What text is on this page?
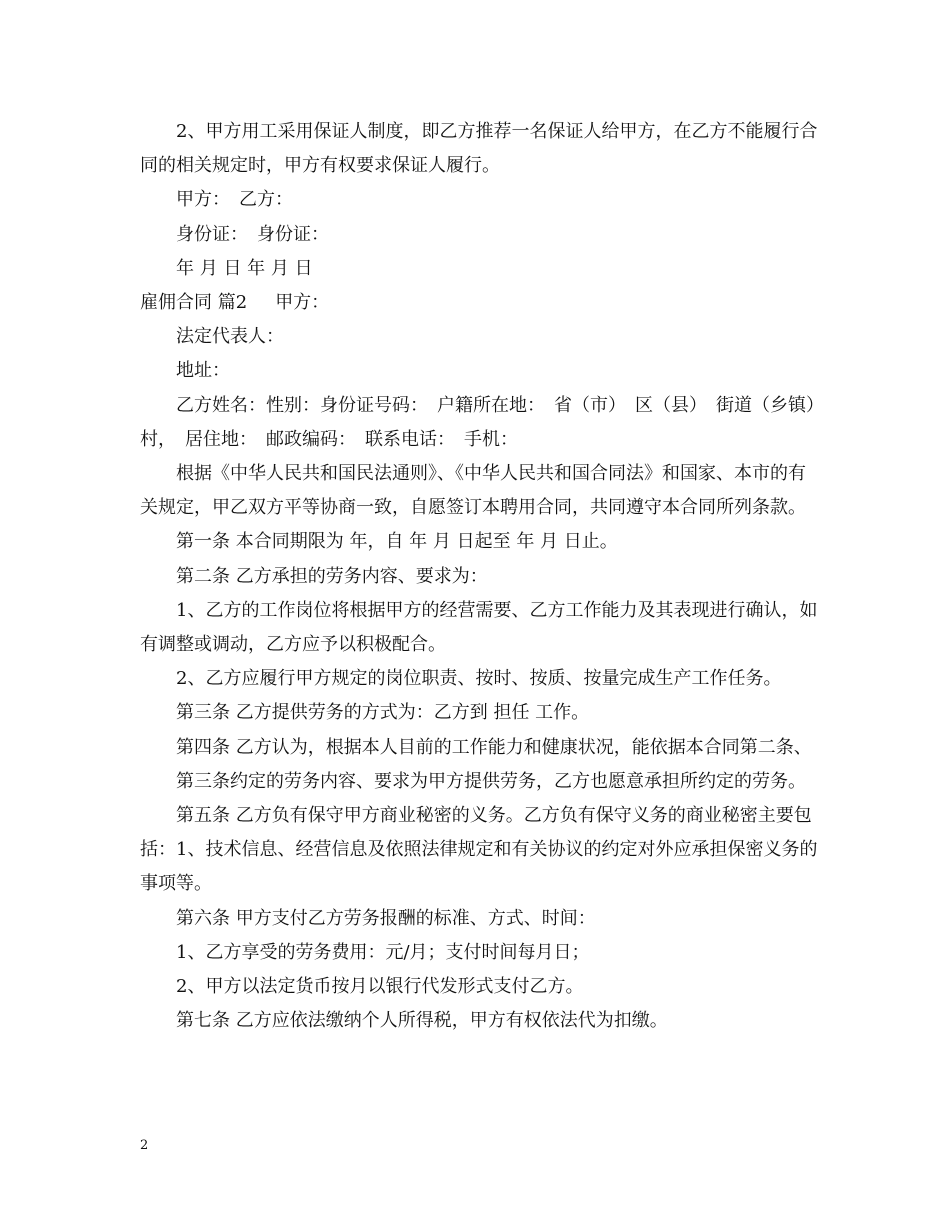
2、甲方用工采用保证人制度，即乙方推荐一名保证人给甲方，在乙方不能履行合同的相关规定时，甲方有权要求保证人履行。

甲方：　乙方：

身份证：　身份证：

年 月 日 年 月 日

雇佣合同 篇2 甲方：

法定代表人：

地址：

乙方姓名：性别：身份证号码：　户籍所在地：　省（市）　区（县）　街道（乡镇）　村，　居住地：　邮政编码：　联系电话：　手机：

根据《中华人民共和国民法通则》、《中华人民共和国合同法》和国家、本市的有关规定，甲乙双方平等协商一致，自愿签订本聘用合同，共同遵守本合同所列条款。

第一条 本合同期限为 年，自 年 月 日起至 年 月 日止。

第二条 乙方承担的劳务内容、要求为：

1、乙方的工作岗位将根据甲方的经营需要、乙方工作能力及其表现进行确认，如有调整或调动，乙方应予以积极配合。

2、乙方应履行甲方规定的岗位职责、按时、按质、按量完成生产工作任务。

第三条 乙方提供劳务的方式为：乙方到 担任 工作。

第四条 乙方认为，根据本人目前的工作能力和健康状况，能依据本合同第二条、

第三条约定的劳务内容、要求为甲方提供劳务，乙方也愿意承担所约定的劳务。

第五条 乙方负有保守甲方商业秘密的义务。乙方负有保守义务的商业秘密主要包括：1、技术信息、经营信息及依照法律规定和有关协议的约定对外应承担保密义务的事项等。

第六条 甲方支付乙方劳务报酬的标准、方式、时间：

1、乙方享受的劳务费用：元/月；支付时间每月日；

2、甲方以法定货币按月以银行代发形式支付乙方。

第七条 乙方应依法缴纳个人所得税，甲方有权依法代为扣缴。

2
